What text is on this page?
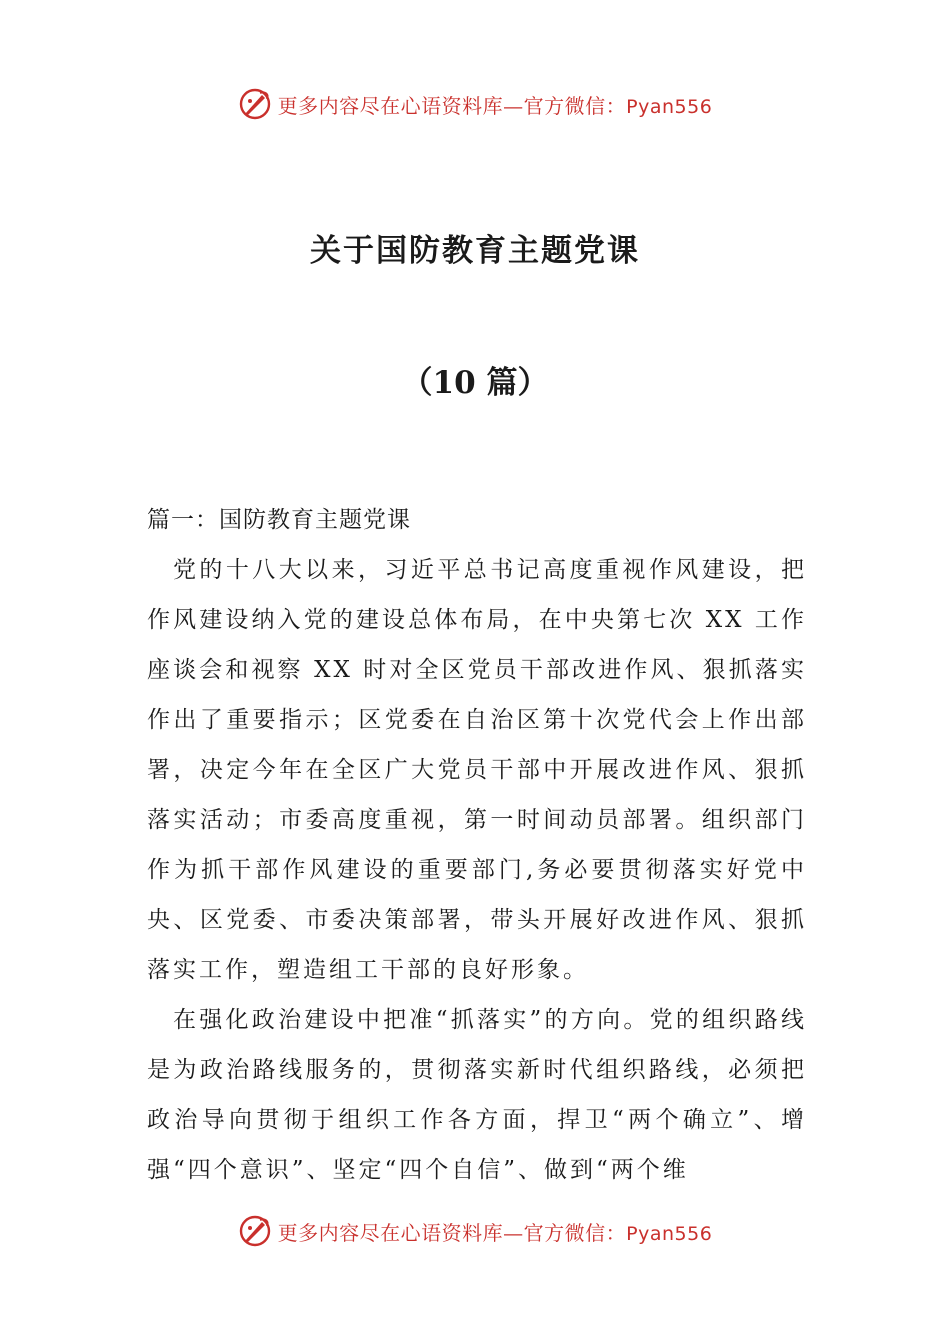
更多内容尽在心语资料库—官方微信：Pyan556
关于国防教育主题党课
（10 篇）

篇一：国防教育主题党课

党的十八大以来，习近平总书记高度重视作风建设，把作风建设纳入党的建设总体布局，在中央第七次 XX 工作座谈会和视察 XX 时对全区党员干部改进作风、狠抓落实作出了重要指示；区党委在自治区第十次党代会上作出部署，决定今年在全区广大党员干部中开展改进作风、狠抓落实活动；市委高度重视，第一时间动员部署。组织部门作为抓干部作风建设的重要部门,务必要贯彻落实好党中央、区党委、市委决策部署，带头开展好改进作风、狠抓落实工作，塑造组工干部的良好形象。

在强化政治建设中把准“抓落实”的方向。党的组织路线是为政治路线服务的，贯彻落实新时代组织路线，必须把政治导向贯彻于组织工作各方面，捍卫“两个确立”、增强“四个意识”、坚定“四个自信”、做到“两个维

更多内容尽在心语资料库—官方微信：Pyan556
